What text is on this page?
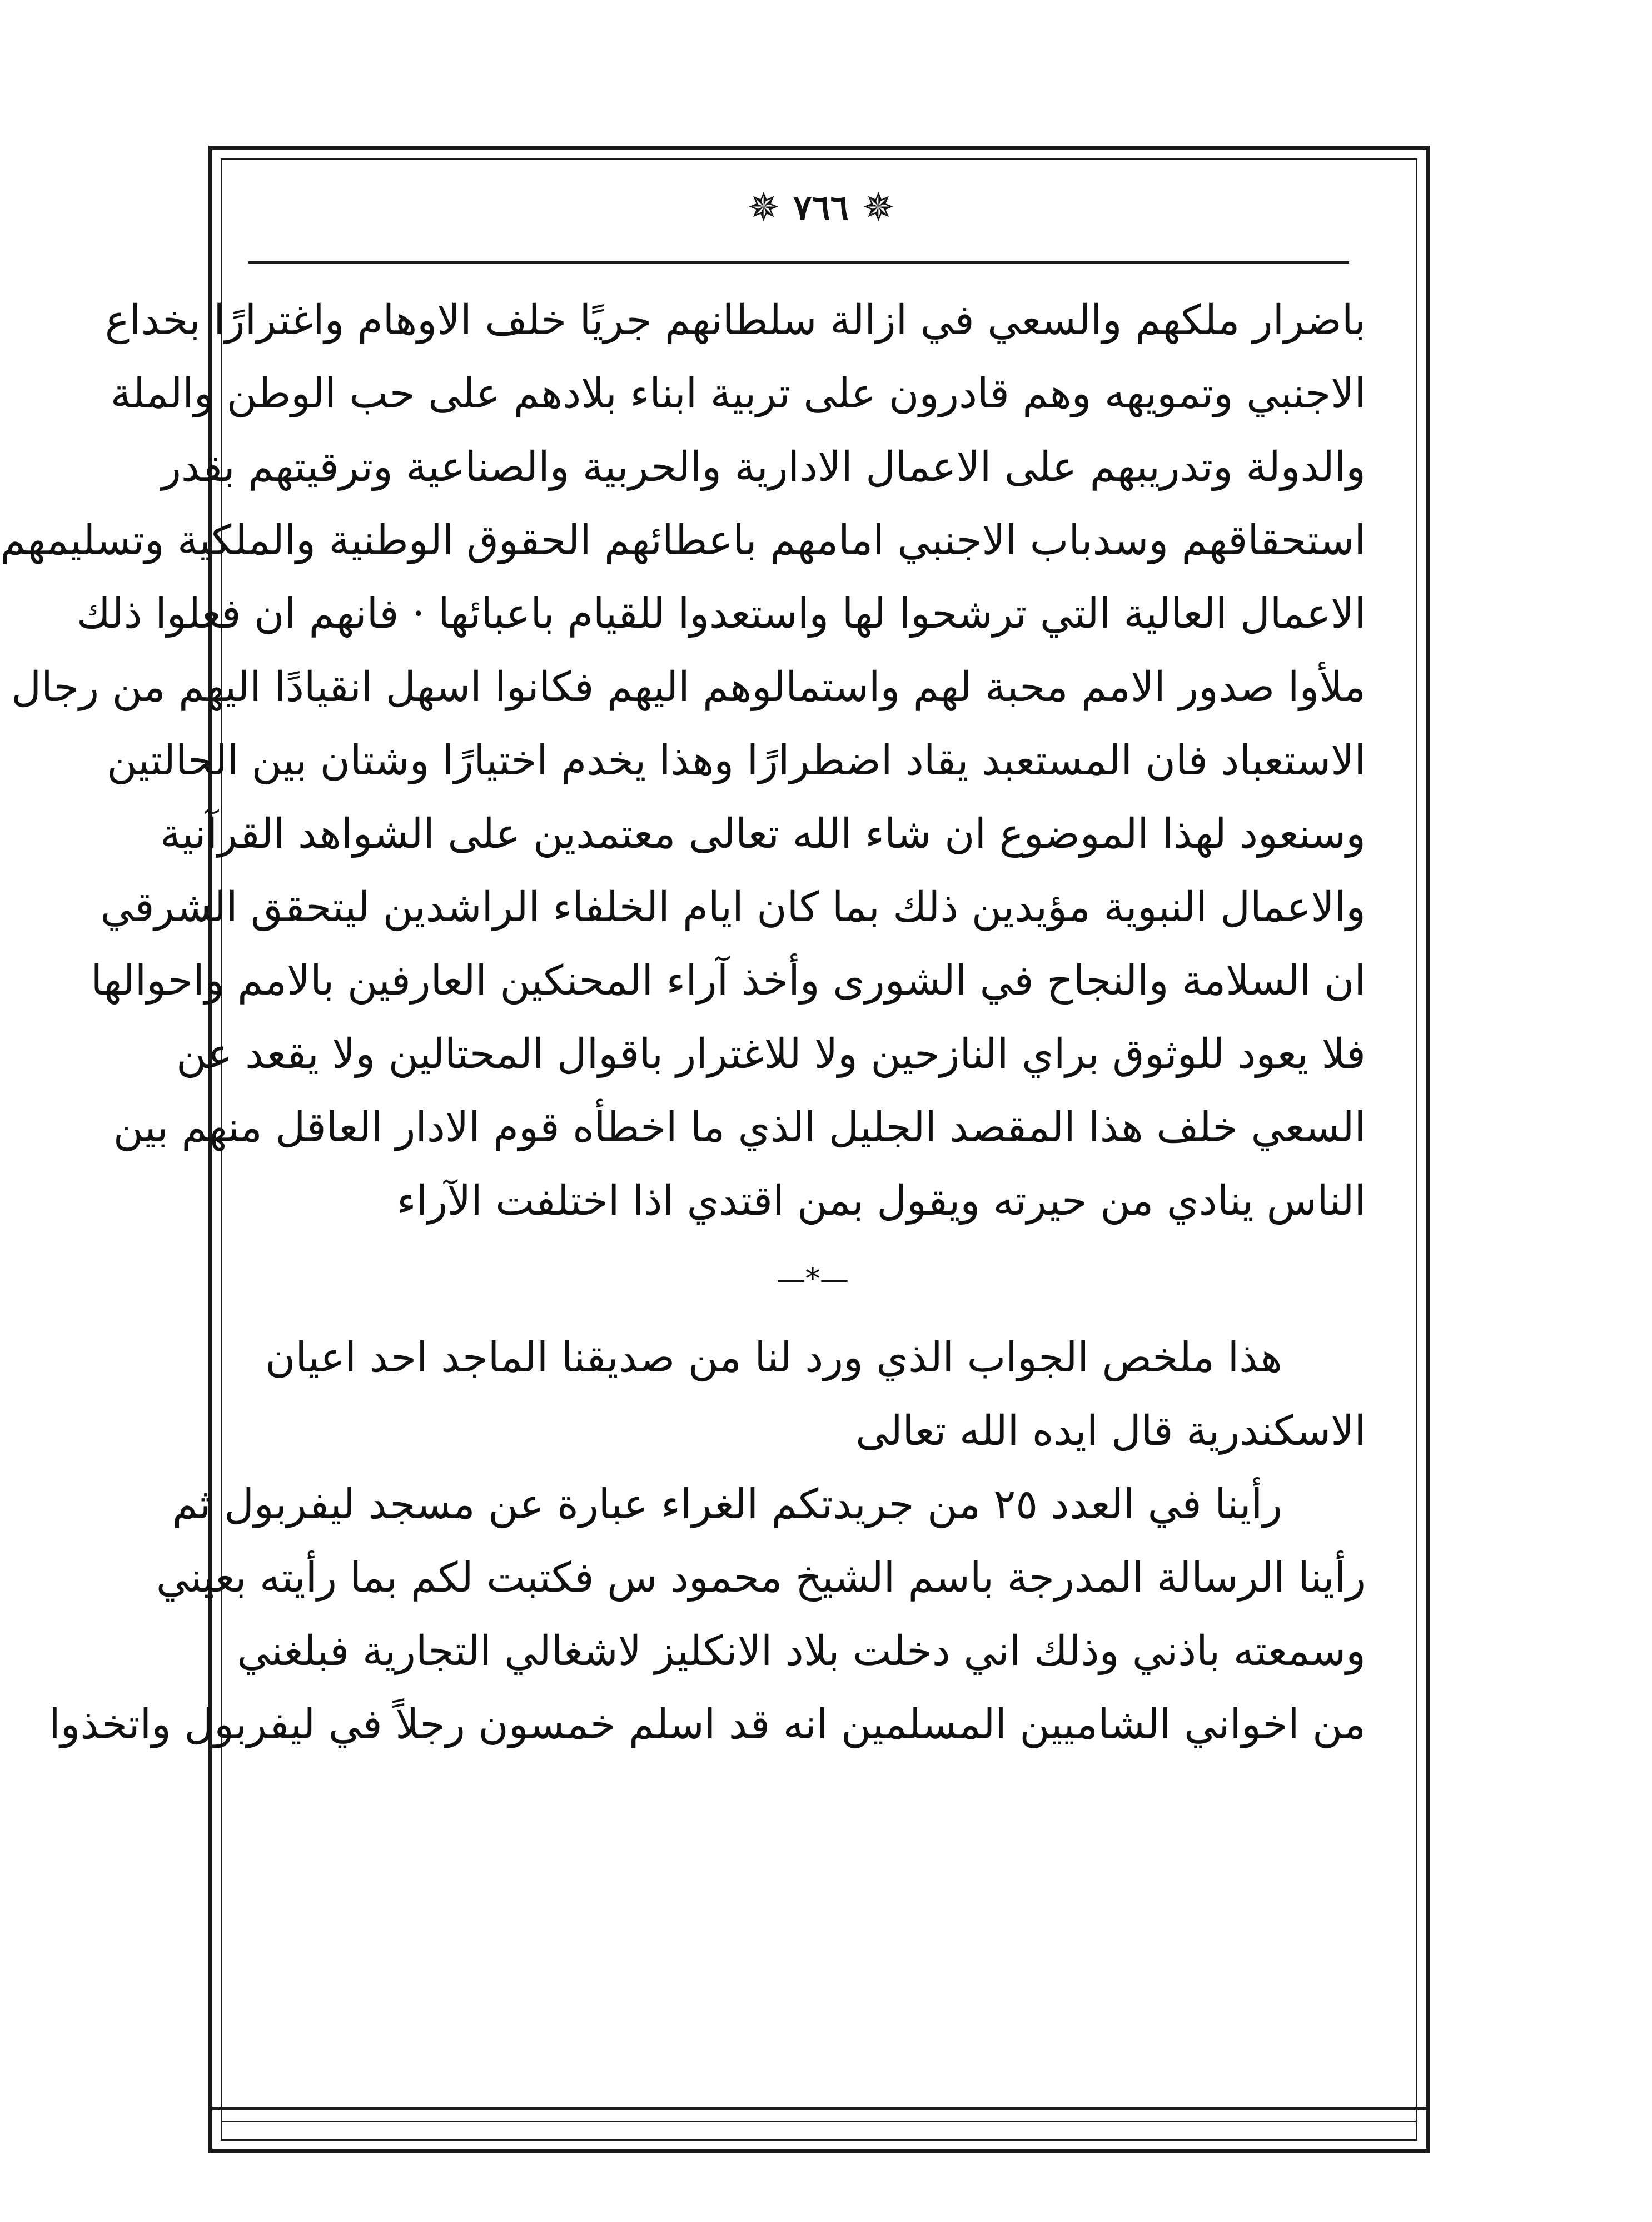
✵ ٧٦٦ ✵
باضرار ملكهم والسعي في ازالة سلطانهم جريًا خلف الاوهام واغترارًا بخداع
الاجنبي وتمويهه وهم قادرون على تربية ابناء بلادهم على حب الوطن والملة
والدولة وتدريبهم على الاعمال الادارية والحربية والصناعية وترقيتهم بقدر
استحقاقهم وسدباب الاجنبي امامهم باعطائهم الحقوق الوطنية والملكية وتسليمهم
الاعمال العالية التي ترشحوا لها واستعدوا للقيام باعبائها · فانهم ان فعلوا ذلك
ملأوا صدور الامم محبة لهم واستمالوهم اليهم فكانوا اسهل انقيادًا اليهم من رجال
الاستعباد فان المستعبد يقاد اضطرارًا وهذا يخدم اختيارًا وشتان بين الحالتين
وسنعود لهذا الموضوع ان شاء الله تعالى معتمدين على الشواهد القرآنية
والاعمال النبوية مؤيدين ذلك بما كان ايام الخلفاء الراشدين ليتحقق الشرقي
ان السلامة والنجاح في الشورى وأخذ آراء المحنكين العارفين بالامم واحوالها
فلا يعود للوثوق براي النازحين ولا للاغترار باقوال المحتالين ولا يقعد عن
السعي خلف هذا المقصد الجليل الذي ما اخطأه قوم الادار العاقل منهم بين
الناس ينادي من حيرته ويقول بمن اقتدي اذا اختلفت الآراء
—*—
هذا ملخص الجواب الذي ورد لنا من صديقنا الماجد احد اعيان
الاسكندرية قال ايده الله تعالى
رأينا في العدد ٢٥ من جريدتكم الغراء عبارة عن مسجد ليفربول ثم
رأينا الرسالة المدرجة باسم الشيخ محمود س فكتبت لكم بما رأيته بعيني
وسمعته باذني وذلك اني دخلت بلاد الانكليز لاشغالي التجارية فبلغني
من اخواني الشاميين المسلمين انه قد اسلم خمسون رجلاً في ليفربول واتخذوا
